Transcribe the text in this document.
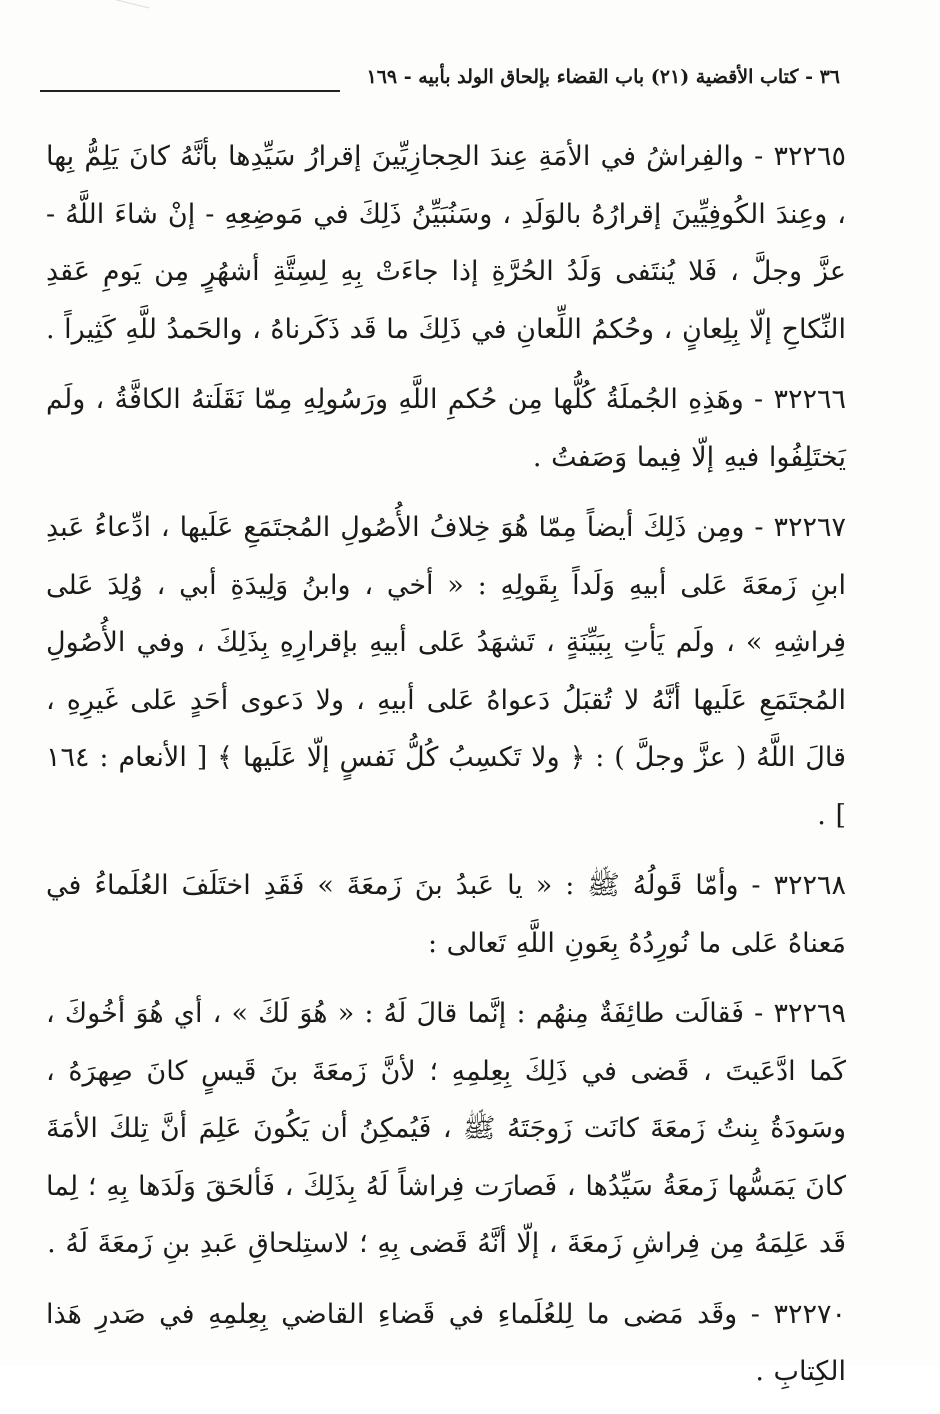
٣٦ - كتاب الأقضية (٢١) باب القضاء بإلحاق الولد بأبيه - ١٦٩

٣٢٢٦٥ - والفِراشُ في الأمَةِ عِندَ الحِجازِيِّينَ إقرارُ سَيِّدِها بأنَّهُ كانَ يَلِمُّ بِها ، وعِندَ الكُوفِيِّينَ إقرارُهُ بالوَلَدِ ، وسَنُبَيِّنُ ذَلِكَ في مَوضِعِهِ - إنْ شاءَ اللَّهُ - عزَّ وجلَّ ، فَلا يُنتَفى وَلَدُ الحُرَّةِ إذا جاءَتْ بِهِ لِسِتَّةِ أشهُرٍ مِن يَومِ عَقدِ النِّكاحِ إلّا بِلِعانٍ ، وحُكمُ اللِّعانِ في ذَلِكَ ما قَد ذَكَرناهُ ، والحَمدُ للَّهِ كَثِيراً .

٣٢٢٦٦ - وهَذِهِ الجُملَةُ كُلُّها مِن حُكمِ اللَّهِ ورَسُولِهِ مِمّا نَقَلَتهُ الكافَّةُ ، ولَم يَختَلِفُوا فيهِ إلّا فِيما وَصَفتُ .

٣٢٢٦٧ - ومِن ذَلِكَ أيضاً مِمّا هُوَ خِلافُ الأُصُولِ المُجتَمَعِ عَلَيها ، ادِّعاءُ عَبدِ ابنِ زَمعَةَ عَلى أبيهِ وَلَداً بِقَولِهِ : « أخي ، وابنُ وَلِيدَةِ أبي ، وُلِدَ عَلى فِراشِهِ » ، ولَم يَأتِ بِبَيِّنَةٍ ، تَشهَدُ عَلى أبيهِ بإقرارِهِ بِذَلِكَ ، وفي الأُصُولِ المُجتَمَعِ عَلَيها أنَّهُ لا تُقبَلُ دَعواهُ عَلى أبيهِ ، ولا دَعوى أحَدٍ عَلى غَيرِهِ ، قالَ اللَّهُ ( عزَّ وجلَّ ) : ﴿ ولا تَكسِبُ كُلُّ نَفسٍ إلّا عَلَيها ﴾ [ الأنعام : ١٦٤ ] .

٣٢٢٦٨ - وأمّا قَولُهُ ﷺ : « يا عَبدُ بنَ زَمعَةَ » فَقَدِ اختَلَفَ العُلَماءُ في مَعناهُ عَلى ما نُورِدُهُ بِعَونِ اللَّهِ تَعالى :

٣٢٢٦٩ - فَقالَت طائِفَةٌ مِنهُم : إنَّما قالَ لَهُ : « هُوَ لَكَ » ، أي هُوَ أخُوكَ ، كَما ادَّعَيتَ ، قَضى في ذَلِكَ بِعِلمِهِ ؛ لأنَّ زَمعَةَ بنَ قَيسٍ كانَ صِهرَهُ ، وسَودَةُ بِنتُ زَمعَةَ كانَت زَوجَتَهُ ﷺ ، فَيُمكِنُ أن يَكُونَ عَلِمَ أنَّ تِلكَ الأمَةَ كانَ يَمَسُّها زَمعَةُ سَيِّدُها ، فَصارَت فِراشاً لَهُ بِذَلِكَ ، فَألحَقَ وَلَدَها بِهِ ؛ لِما قَد عَلِمَهُ مِن فِراشِ زَمعَةَ ، إلّا أنَّهُ قَضى بِهِ ؛ لاستِلحاقِ عَبدِ بنِ زَمعَةَ لَهُ .

٣٢٢٧٠ - وقَد مَضى ما لِلعُلَماءِ في قَضاءِ القاضي بِعِلمِهِ في صَدرِ هَذا الكِتابِ .
